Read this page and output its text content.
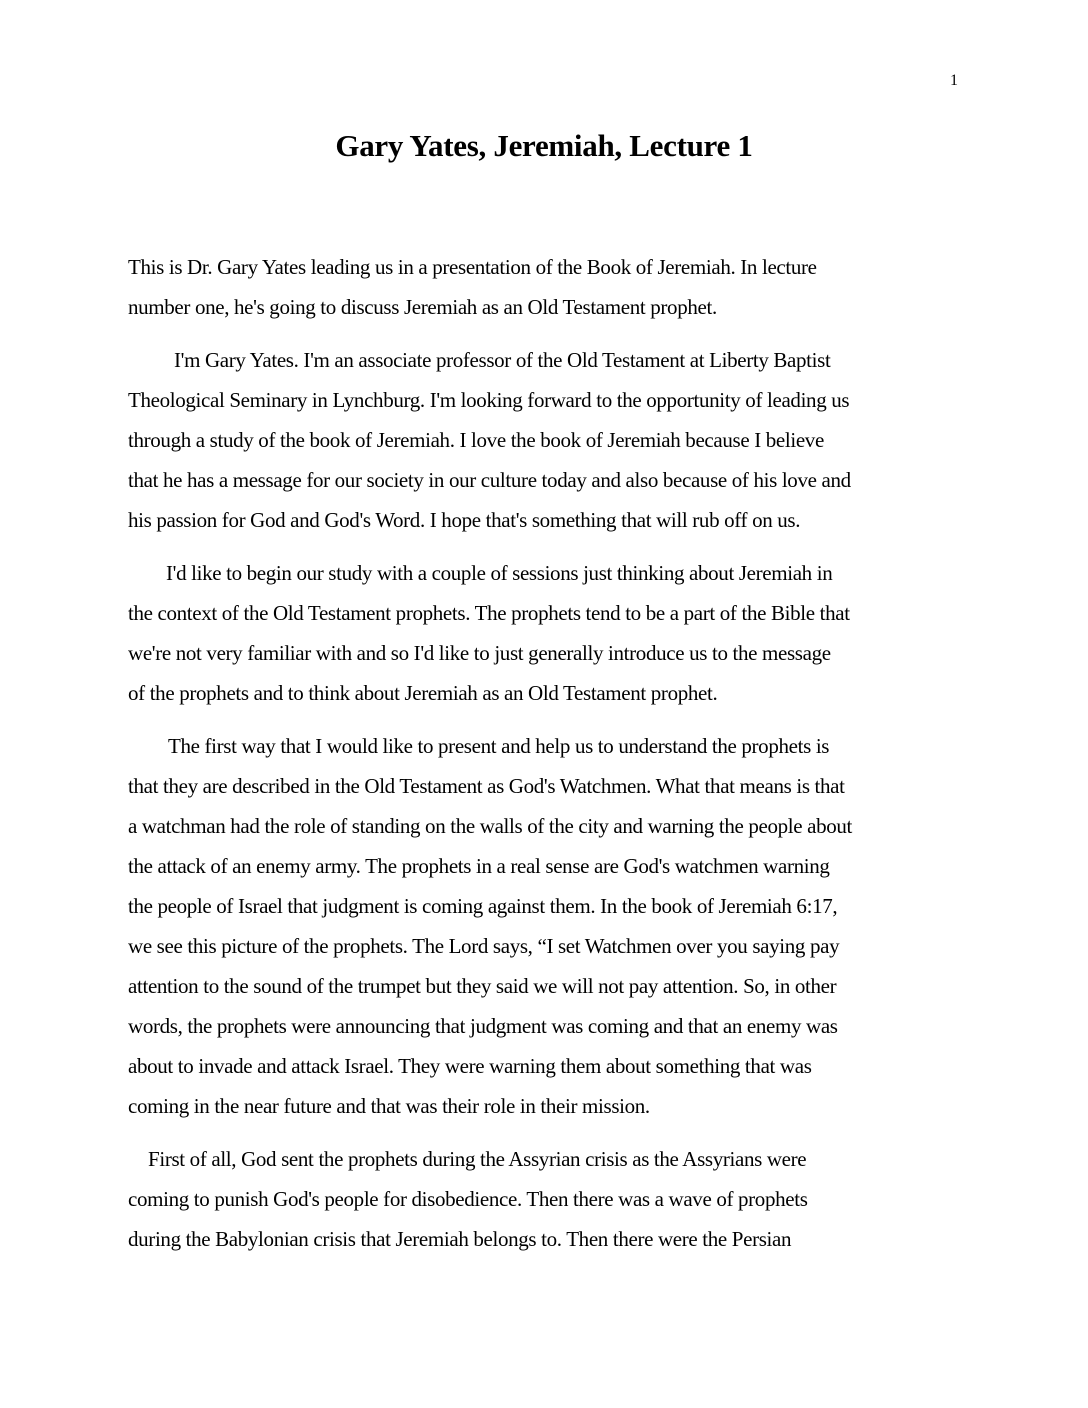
1
Gary Yates, Jeremiah, Lecture 1
This is Dr. Gary Yates leading us in a presentation of the Book of Jeremiah. In lecture
number one, he's going to discuss Jeremiah as an Old Testament prophet.
I'm Gary Yates. I'm an associate professor of the Old Testament at Liberty Baptist
Theological Seminary in Lynchburg. I'm looking forward to the opportunity of leading us
through a study of the book of Jeremiah. I love the book of Jeremiah because I believe
that he has a message for our society in our culture today and also because of his love and
his passion for God and God's Word. I hope that's something that will rub off on us.
I'd like to begin our study with a couple of sessions just thinking about Jeremiah in
the context of the Old Testament prophets. The prophets tend to be a part of the Bible that
we're not very familiar with and so I'd like to just generally introduce us to the message
of the prophets and to think about Jeremiah as an Old Testament prophet.
The first way that I would like to present and help us to understand the prophets is
that they are described in the Old Testament as God's Watchmen. What that means is that
a watchman had the role of standing on the walls of the city and warning the people about
the attack of an enemy army. The prophets in a real sense are God's watchmen warning
the people of Israel that judgment is coming against them. In the book of Jeremiah 6:17,
we see this picture of the prophets. The Lord says, “I set Watchmen over you saying pay
attention to the sound of the trumpet but they said we will not pay attention. So, in other
words, the prophets were announcing that judgment was coming and that an enemy was
about to invade and attack Israel. They were warning them about something that was
coming in the near future and that was their role in their mission.
First of all, God sent the prophets during the Assyrian crisis as the Assyrians were
coming to punish God's people for disobedience. Then there was a wave of prophets
during the Babylonian crisis that Jeremiah belongs to. Then there were the Persian
